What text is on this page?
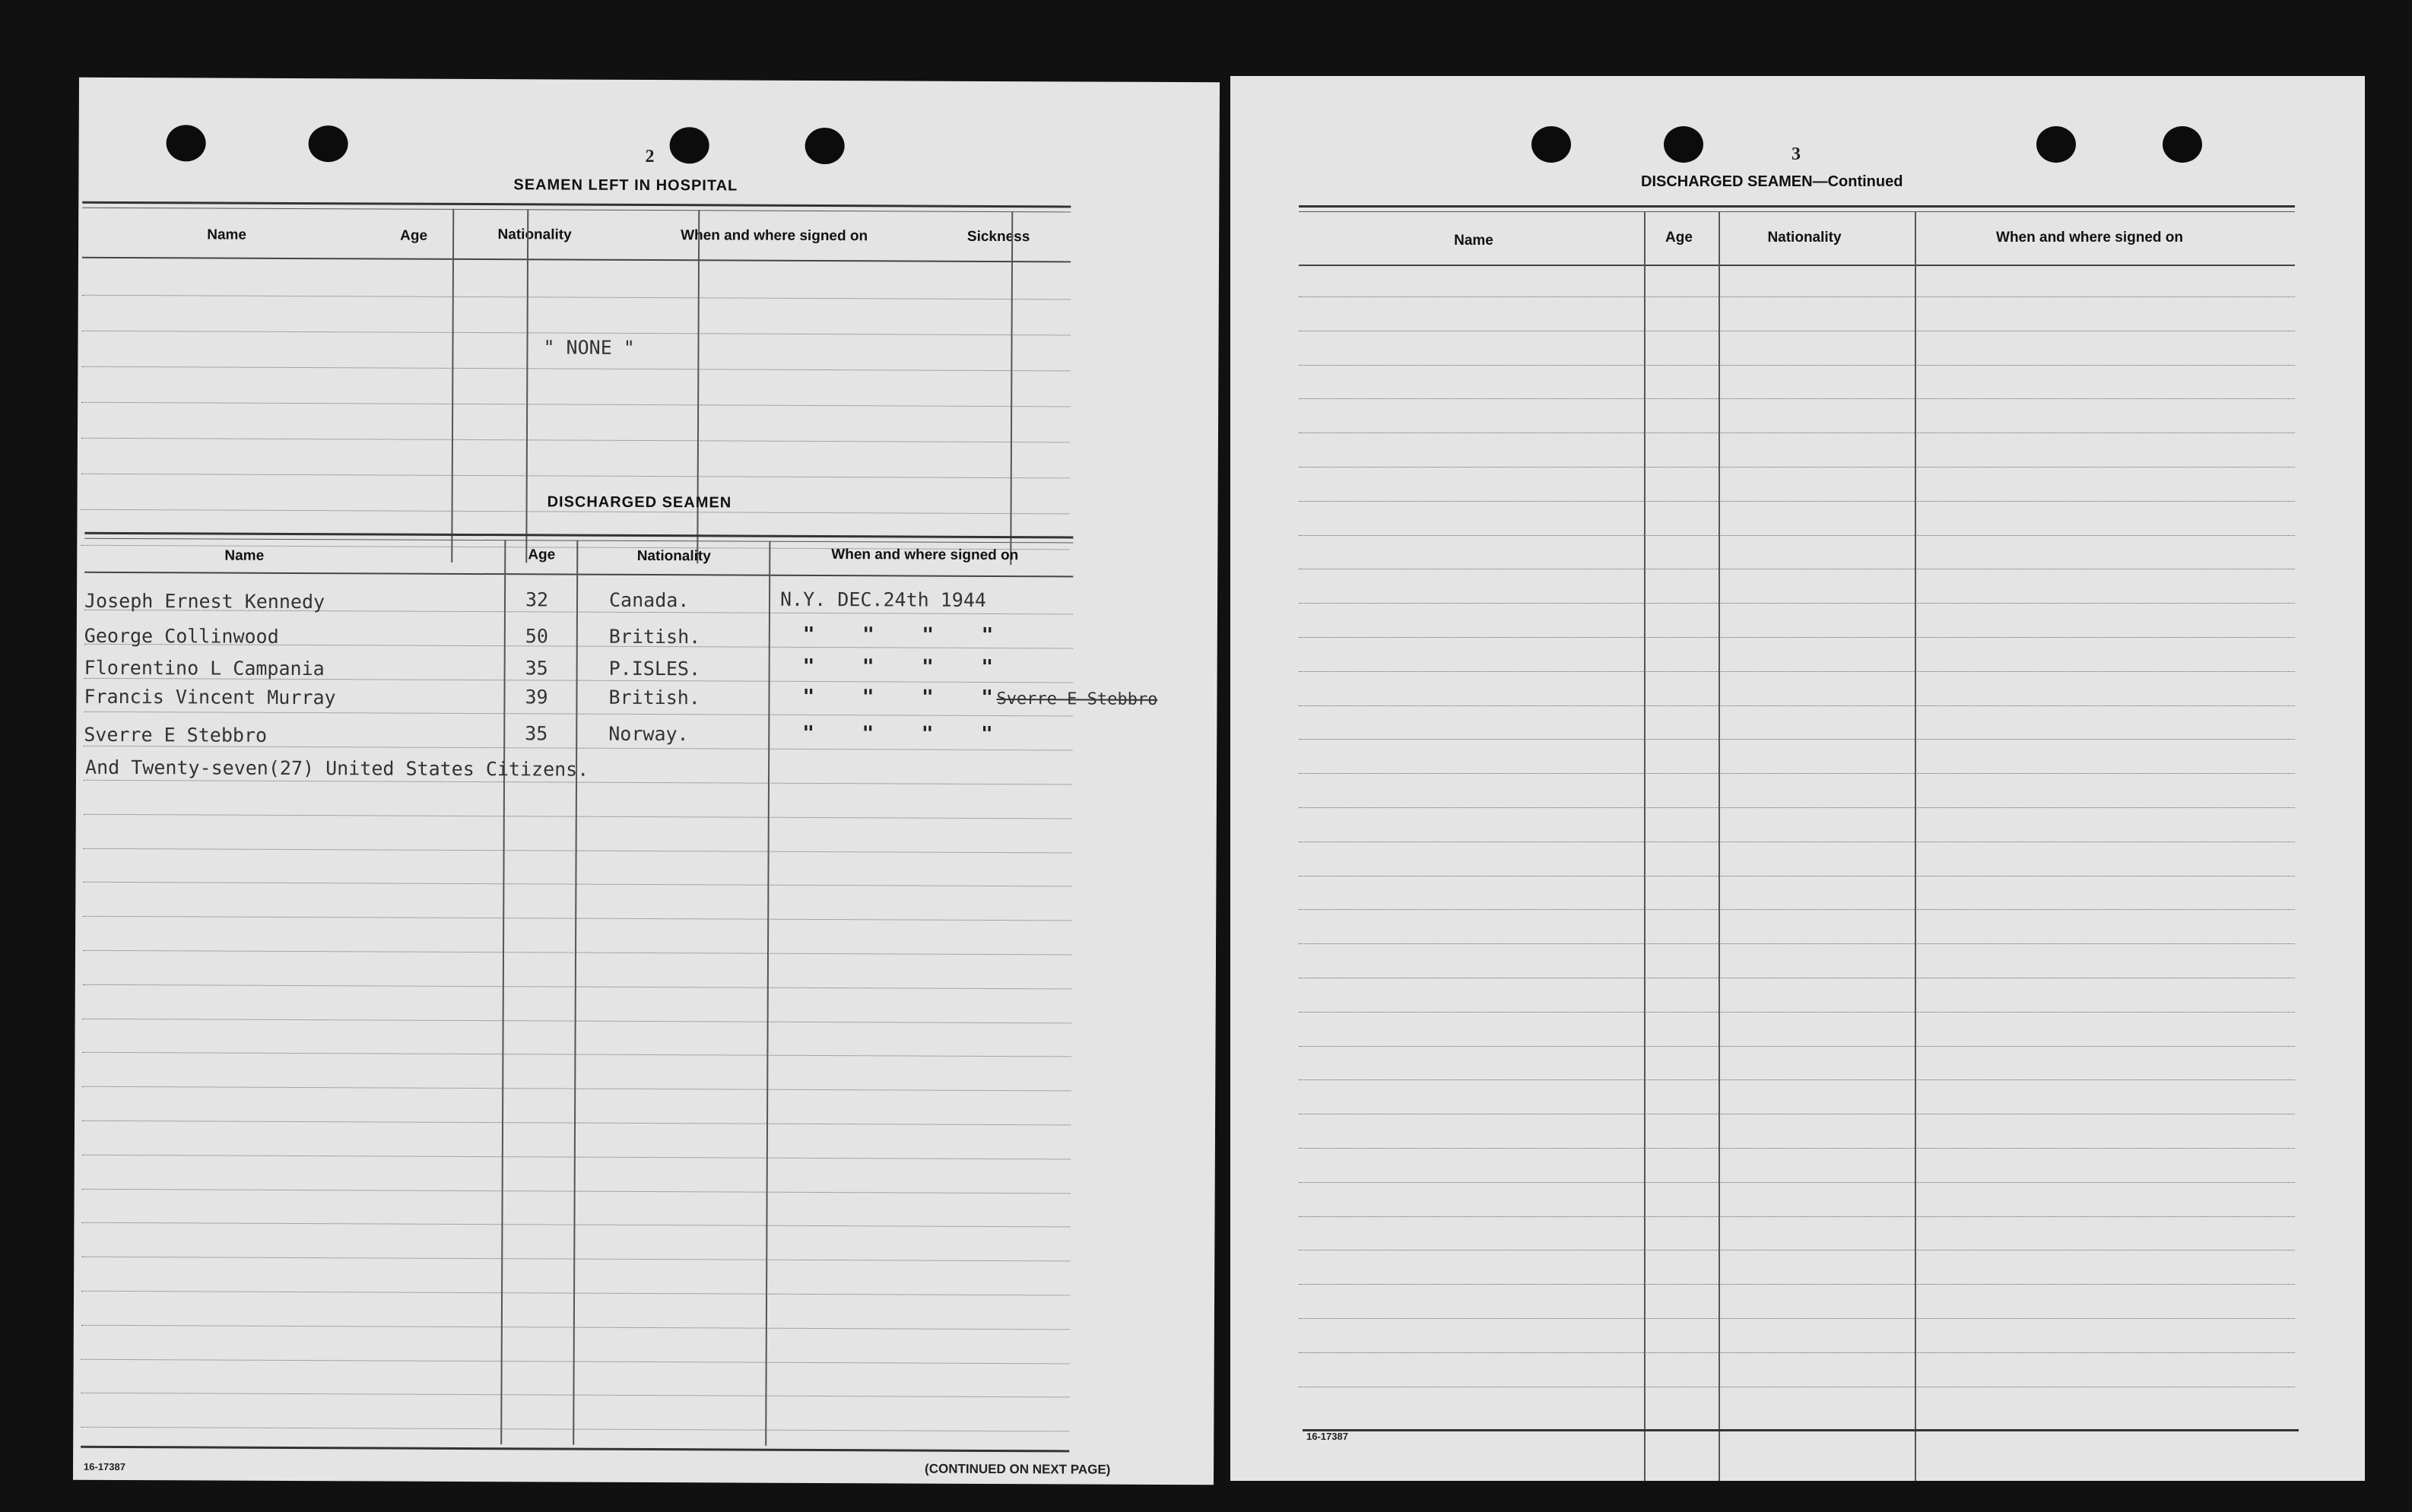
2
SEAMEN LEFT IN HOSPITAL
Name	Age	Nationality	When and where signed on	Sickness
" NONE "
DISCHARGED SEAMEN
Name	Age	Nationality	When and where signed on
Joseph Ernest Kennedy	32	Canada.	N.Y. DEC.24th 1944
George Collinwood	50	British.	"    "    "    "
Florentino L Campania	35	P.ISLES.	"    "    "    "
Francis Vincent Murray	39	British.	"    "    "    " Sverre E Stebbro
Sverre E Stebbro	35	Norway.	"    "    "    "
And Twenty-seven(27) United States Citizens.
16-17387	(CONTINUED ON NEXT PAGE)
3
DISCHARGED SEAMEN—Continued
Name	Age	Nationality	When and where signed on
16-17387
